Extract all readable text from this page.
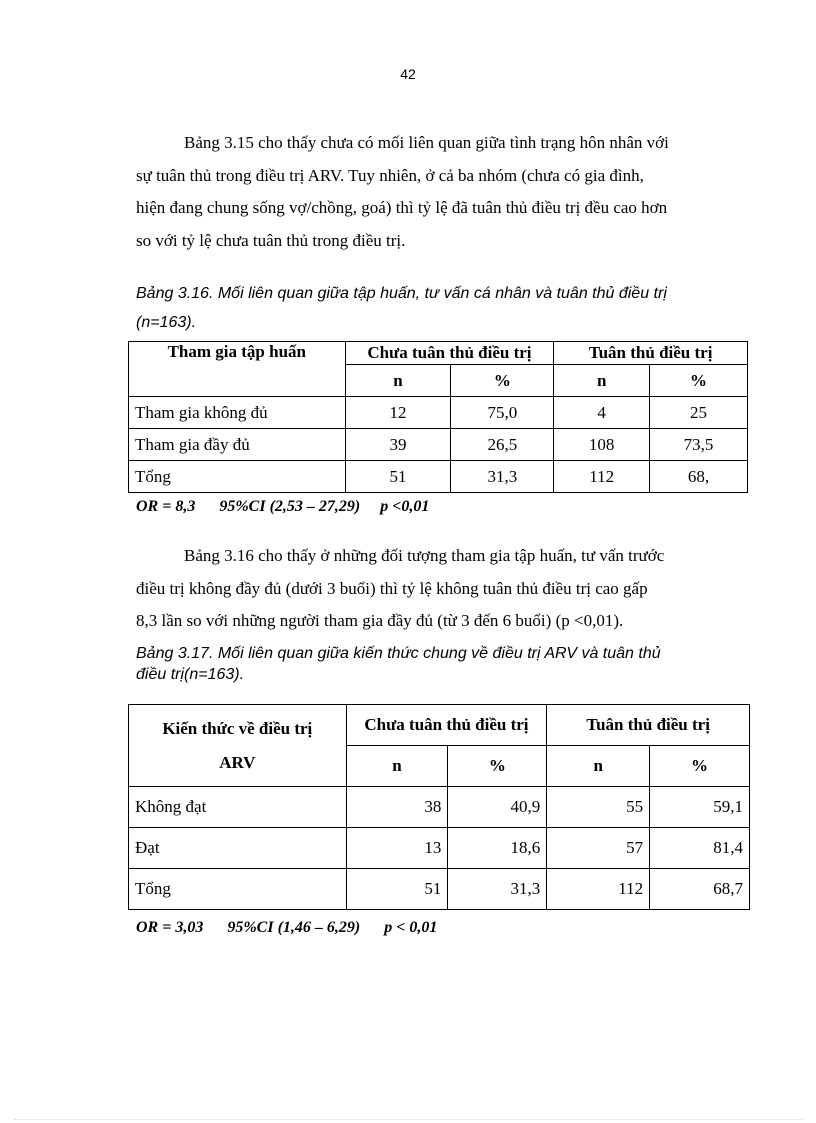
42

Bảng 3.15 cho thấy chưa có mối liên quan giữa tình trạng hôn nhân với
sự tuân thủ trong điều trị ARV. Tuy nhiên, ở cả ba nhóm (chưa có gia đình,
hiện đang chung sống vợ/chồng, goá) thì tỷ lệ đã tuân thủ điều trị đều cao hơn
so với tỷ lệ chưa tuân thủ trong điều trị.

Bảng 3.16. Mối liên quan giữa tập huấn, tư vấn cá nhân và tuân thủ điều trị
(n=163).

Tham gia tập huấn	Chưa tuân thủ điều trị		Tuân thủ điều trị	
	n	%	n	%
Tham gia không đủ	12	75,0	4	25
Tham gia đầy đủ	39	26,5	108	73,5
Tổng	51	31,3	112	68,
OR = 8,3      95%CI (2,53 – 27,29)     p <0,01

Bảng 3.16 cho thấy ở những đối tượng tham gia tập huấn, tư vấn trước
điều trị không đầy đủ (dưới 3 buổi) thì tỷ lệ không tuân thủ điều trị cao gấp
8,3 lần so với những người tham gia đầy đủ (từ 3 đến 6 buổi) (p <0,01).

Bảng 3.17. Mối liên quan giữa kiến thức chung về điều trị ARV và tuân thủ
điều trị(n=163).

Kiến thức về điều trị
ARV	Chưa tuân thủ điều trị		Tuân thủ điều trị	
	n	%	n	%
Không đạt	38	40,9	55	59,1
Đạt	13	18,6	57	81,4
Tổng	51	31,3	112	68,7
OR = 3,03      95%CI (1,46 – 6,29)      p < 0,01
